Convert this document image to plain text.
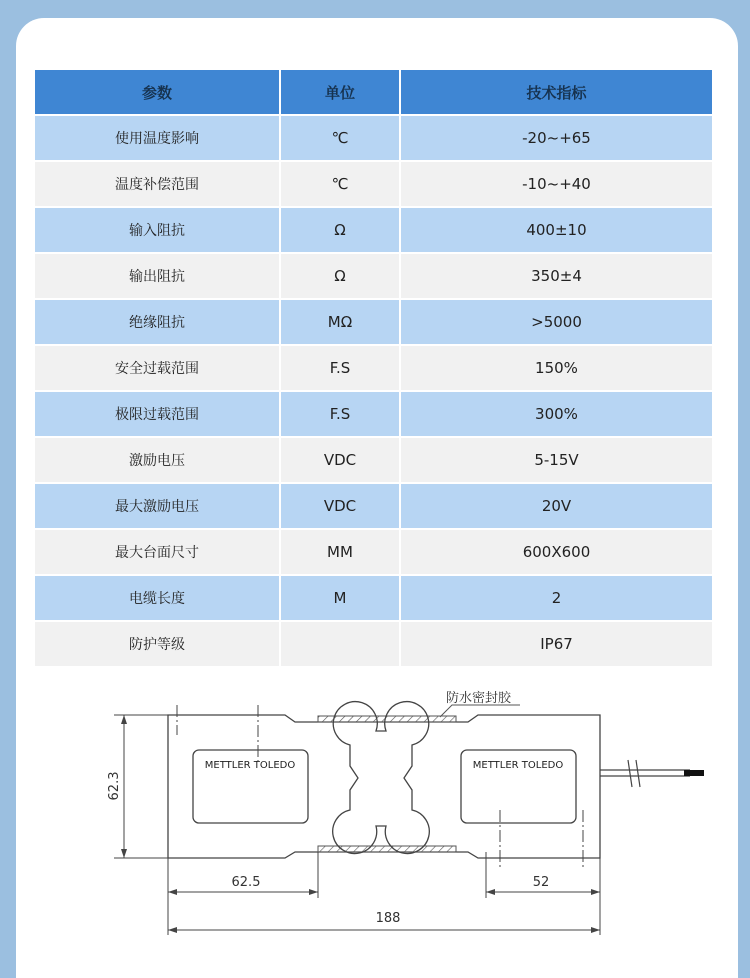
参数	单位	技术指标
使用温度影响	℃	-20~+65
温度补偿范围	℃	-10~+40
输入阻抗	Ω	400±10
输出阻抗	Ω	350±4
绝缘阻抗	MΩ	>5000
安全过载范围	F.S	150%
极限过载范围	F.S	300%
激励电压	VDC	5-15V
最大激励电压	VDC	20V
最大台面尺寸	MM	600X600
电缆长度	M	2
防护等级		IP67
防水密封胶
METTLER TOLEDO	METTLER TOLEDO
62.3
62.5	52
188
